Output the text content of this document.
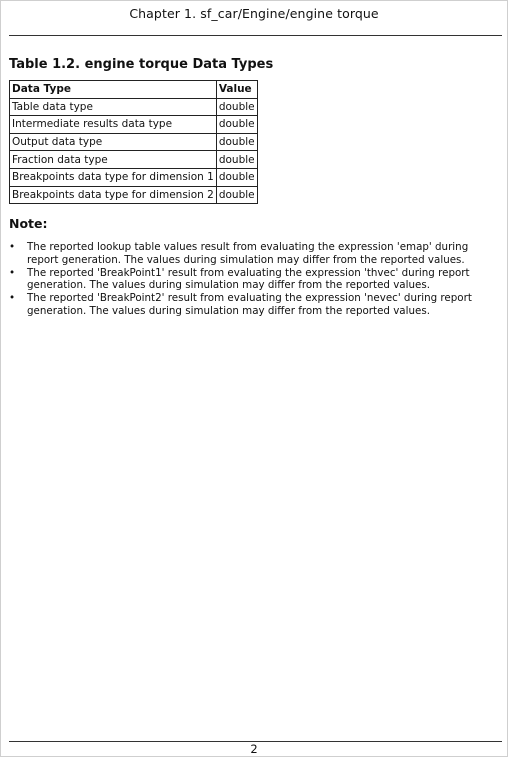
Chapter 1. sf_car/Engine/engine torque
Table 1.2. engine torque Data Types
Data Type	Value
Table data type	double
Intermediate results data type	double
Output data type	double
Fraction data type	double
Breakpoints data type for dimension 1	double
Breakpoints data type for dimension 2	double
Note:
• The reported lookup table values result from evaluating the expression 'emap' during report generation. The values during simulation may differ from the reported values.
• The reported 'BreakPoint1' result from evaluating the expression 'thvec' during report generation. The values during simulation may differ from the reported values.
• The reported 'BreakPoint2' result from evaluating the expression 'nevec' during report generation. The values during simulation may differ from the reported values.
2
